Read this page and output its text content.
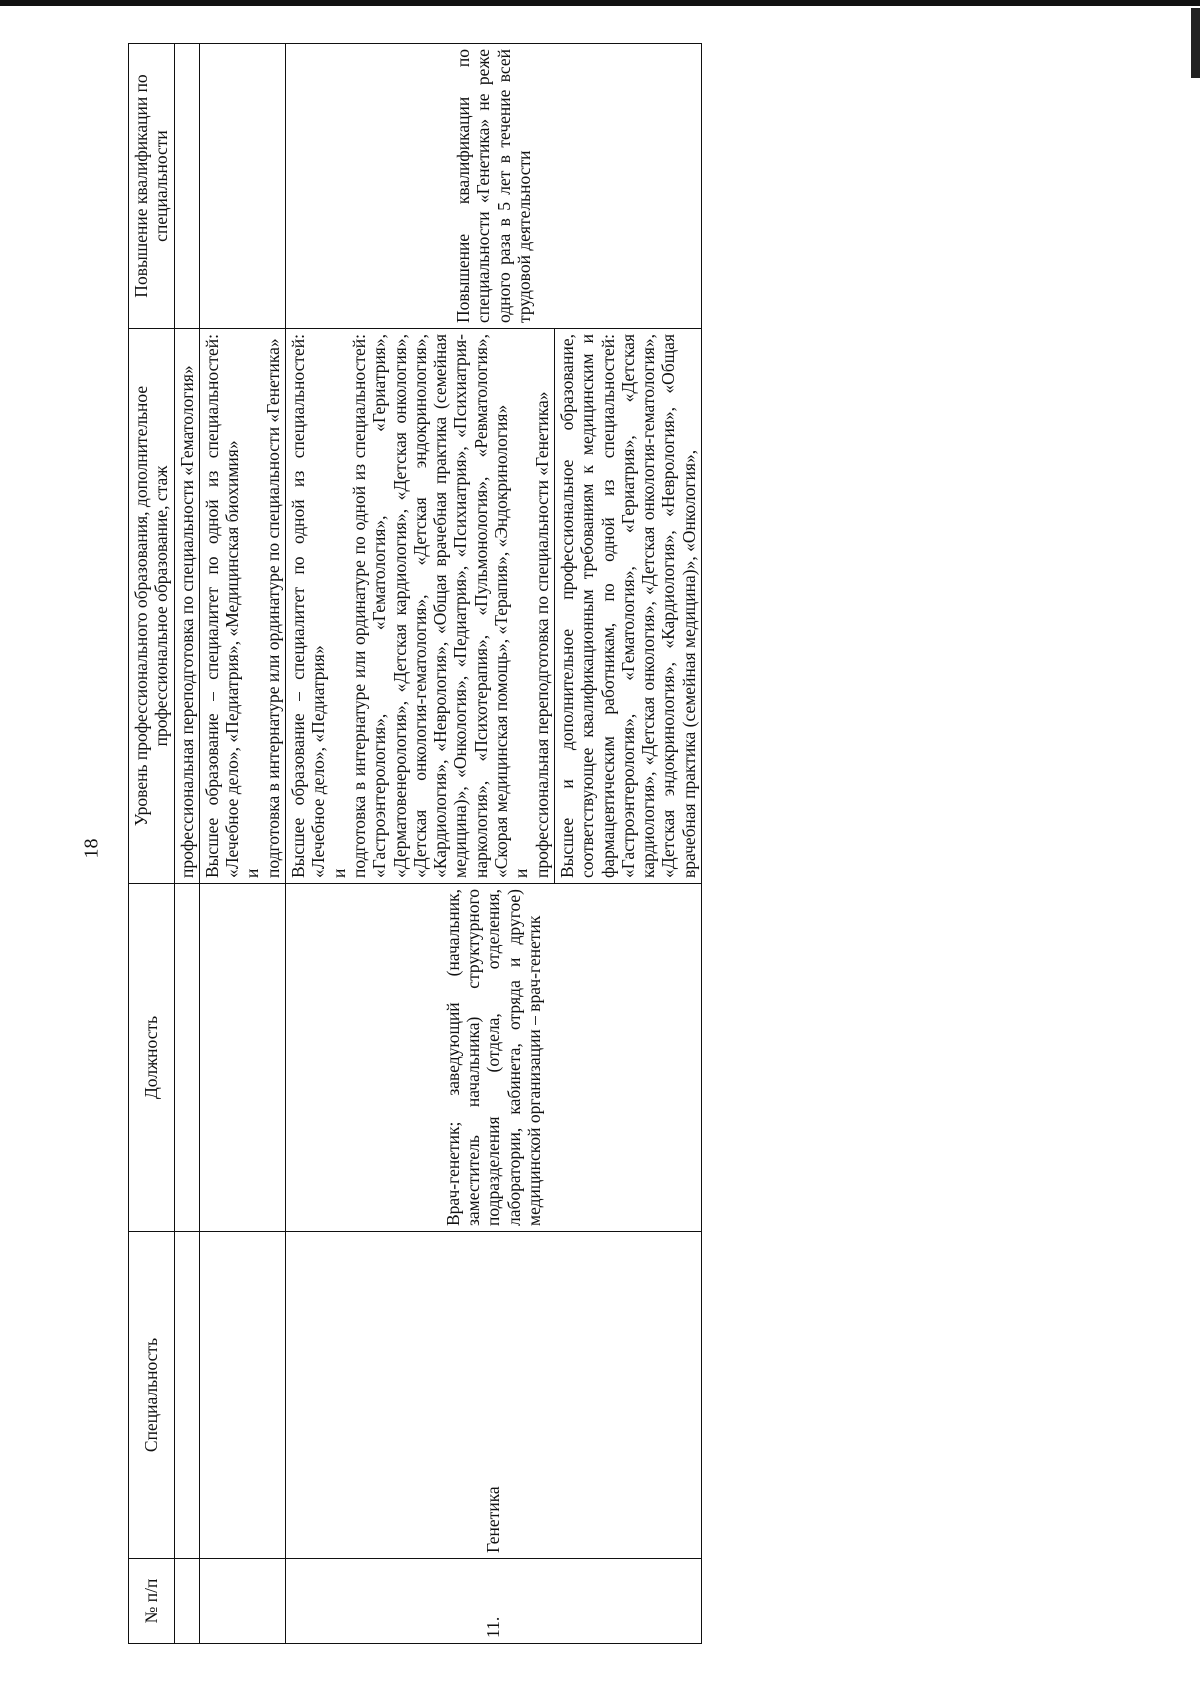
18
№ п/п	Специальность	Должность	Уровень профессионального образования, дополнительное профессиональное образование, стаж	Повышение квалификации по специальности
			профессиональная переподготовка по специальности «Гематология»	

			Высшее образование – специалитет по одной из специальностей: «Лечебное дело», «Педиатрия», «Медицинская биохимия» и подготовка в интернатуре или ординатуре по специальности «Генетика»	

11.	Генетика	Врач-генетик; заведующий (начальник, заместитель начальника) структурного подразделения (отдела, отделения, лаборатории, кабинета, отряда и другое) медицинской организации – врач-генетик	Высшее образование – специалитет по одной из специальностей: «Лечебное дело», «Педиатрия» и подготовка в интернатуре или ординатуре по одной из специальностей: «Гастроэнтерология», «Гематология», «Гериатрия», «Дерматовенерология», «Детская кардиология», «Детская онкология», «Детская онкология-гематология», «Детская эндокринология», «Кардиология», «Неврология», «Общая врачебная практика (семейная медицина)», «Онкология», «Педиатрия», «Психиатрия», «Психиатрия-наркология», «Психотерапия», «Пульмонология», «Ревматология», «Скорая медицинская помощь», «Терапия», «Эндокринология» и профессиональная переподготовка по специальности «Генетика»	Повышение квалификации по специальности «Генетика» не реже одного раза в 5 лет в течение всей трудовой деятельности

			Высшее и дополнительное профессиональное образование, соответствующее квалификационным требованиям к медицинским и фармацевтическим работникам, по одной из специальностей: «Гастроэнтерология», «Гематология», «Гериатрия», «Детская кардиология», «Детская онкология», «Детская онкология-гематология», «Детская эндокринология», «Кардиология», «Неврология», «Общая врачебная практика (семейная медицина)», «Онкология»,	
